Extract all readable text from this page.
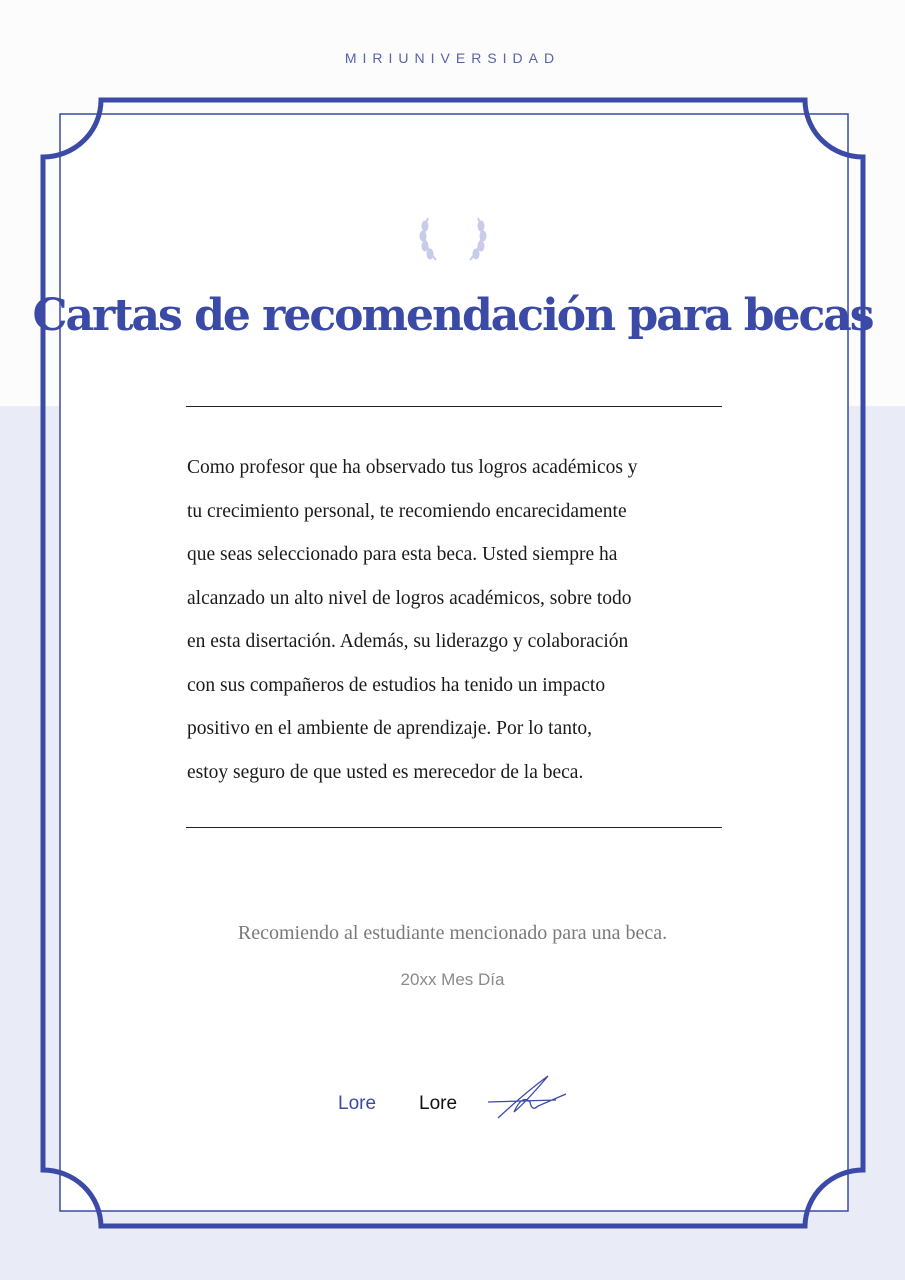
MIRIUNIVERSIDAD
Cartas de recomendación para becas
Como profesor que ha observado tus logros académicos y
tu crecimiento personal, te recomiendo encarecidamente
que seas seleccionado para esta beca. Usted siempre ha
alcanzado un alto nivel de logros académicos, sobre todo
en esta disertación. Además, su liderazgo y colaboración
con sus compañeros de estudios ha tenido un impacto
positivo en el ambiente de aprendizaje. Por lo tanto,
estoy seguro de que usted es merecedor de la beca.
Recomiendo al estudiante mencionado para una beca.
20xx Mes Día
Lore Lore
